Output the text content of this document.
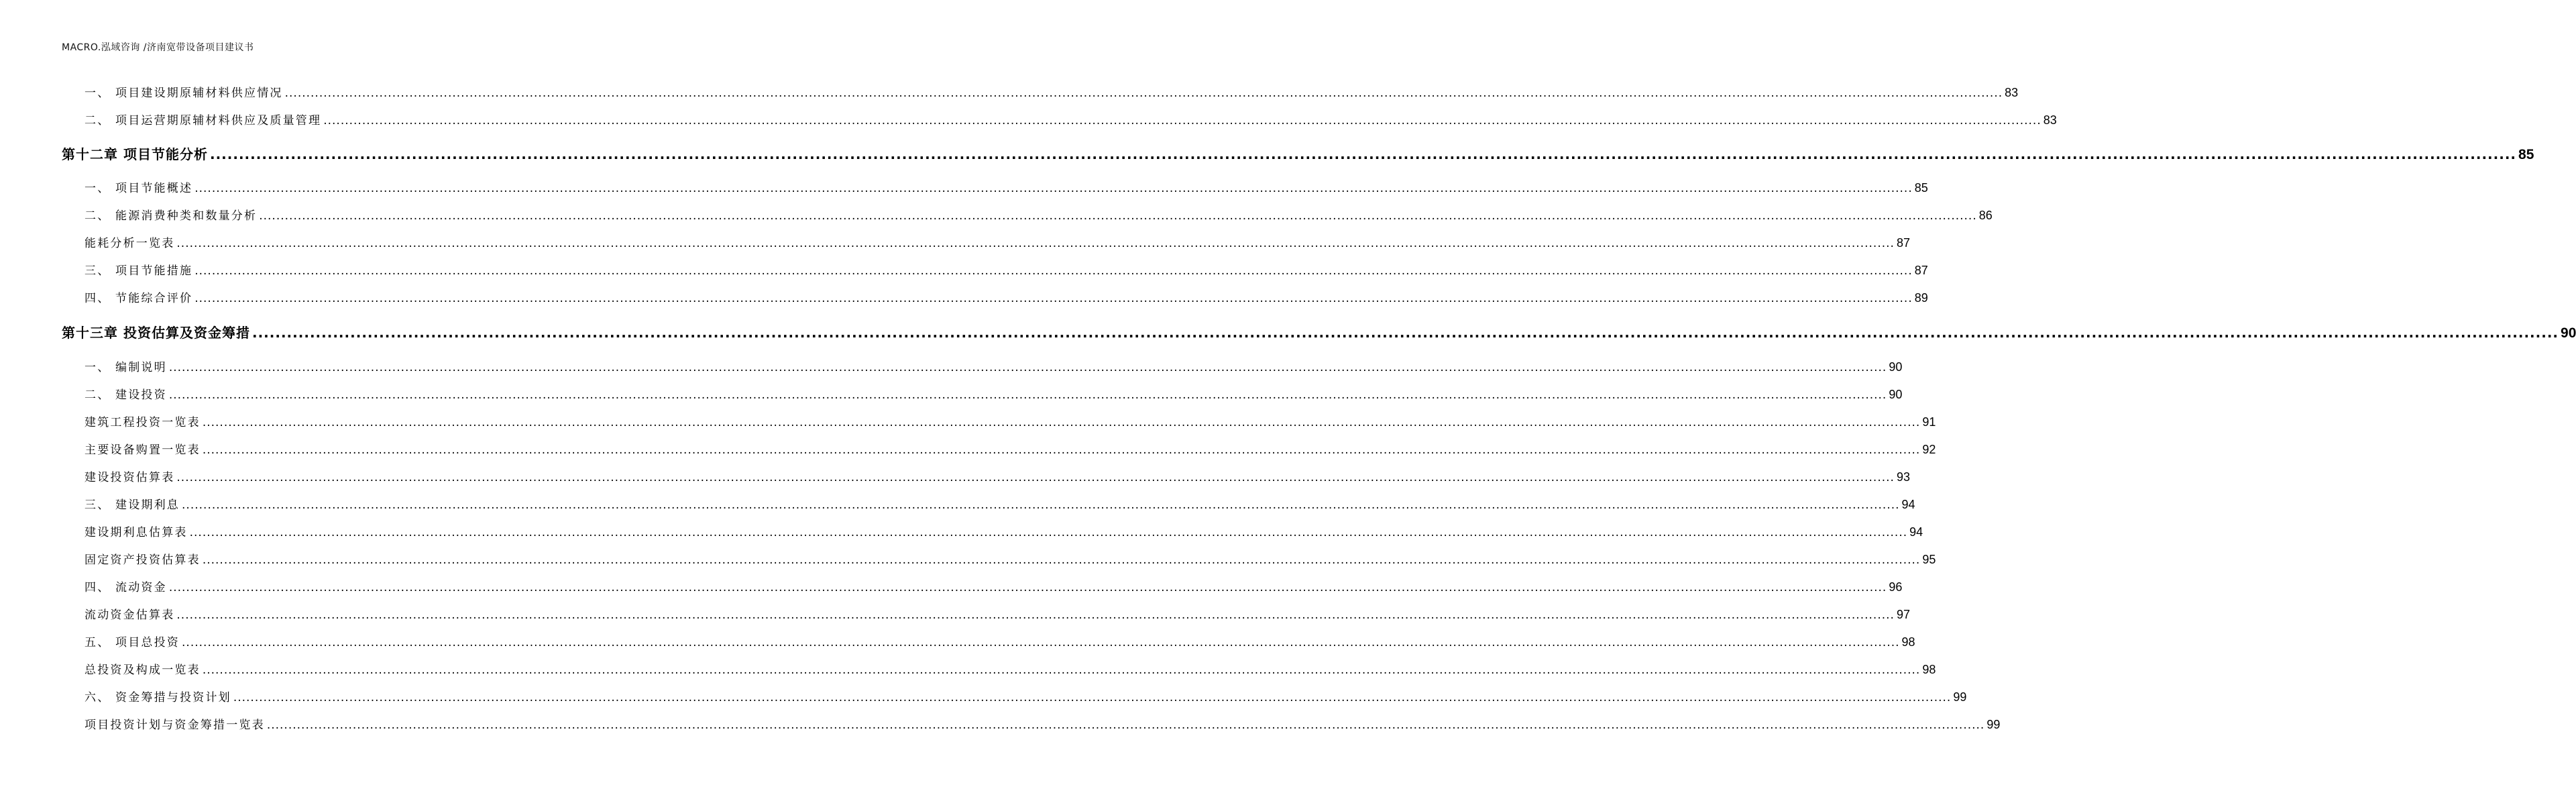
MACRO.泓域咨询 /济南宽带设备项目建议书
一、 项目建设期原辅材料供应情况 ................................................................................................................................................................................................................................................................................................................................................................................................................ 83
二、 项目运营期原辅材料供应及质量管理 ................................................................................................................................................................................................................................................................................................................................................................................................................ 83
第十二章 项目节能分析 ................................................................................................................................................................................................................................................................................................................................................................................................................ 85
一、 项目节能概述 ................................................................................................................................................................................................................................................................................................................................................................................................................ 85
二、 能源消费种类和数量分析 ................................................................................................................................................................................................................................................................................................................................................................................................................ 86
能耗分析一览表 ................................................................................................................................................................................................................................................................................................................................................................................................................ 87
三、 项目节能措施 ................................................................................................................................................................................................................................................................................................................................................................................................................ 87
四、 节能综合评价 ................................................................................................................................................................................................................................................................................................................................................................................................................ 89
第十三章 投资估算及资金筹措 ................................................................................................................................................................................................................................................................................................................................................................................................................ 90
一、 编制说明 ................................................................................................................................................................................................................................................................................................................................................................................................................ 90
二、 建设投资 ................................................................................................................................................................................................................................................................................................................................................................................................................ 90
建筑工程投资一览表 ................................................................................................................................................................................................................................................................................................................................................................................................................ 91
主要设备购置一览表 ................................................................................................................................................................................................................................................................................................................................................................................................................ 92
建设投资估算表 ................................................................................................................................................................................................................................................................................................................................................................................................................ 93
三、 建设期利息 ................................................................................................................................................................................................................................................................................................................................................................................................................ 94
建设期利息估算表 ................................................................................................................................................................................................................................................................................................................................................................................................................ 94
固定资产投资估算表 ................................................................................................................................................................................................................................................................................................................................................................................................................ 95
四、 流动资金 ................................................................................................................................................................................................................................................................................................................................................................................................................ 96
流动资金估算表 ................................................................................................................................................................................................................................................................................................................................................................................................................ 97
五、 项目总投资 ................................................................................................................................................................................................................................................................................................................................................................................................................ 98
总投资及构成一览表 ................................................................................................................................................................................................................................................................................................................................................................................................................ 98
六、 资金筹措与投资计划 ................................................................................................................................................................................................................................................................................................................................................................................................................ 99
项目投资计划与资金筹措一览表 ................................................................................................................................................................................................................................................................................................................................................................................................................ 99
